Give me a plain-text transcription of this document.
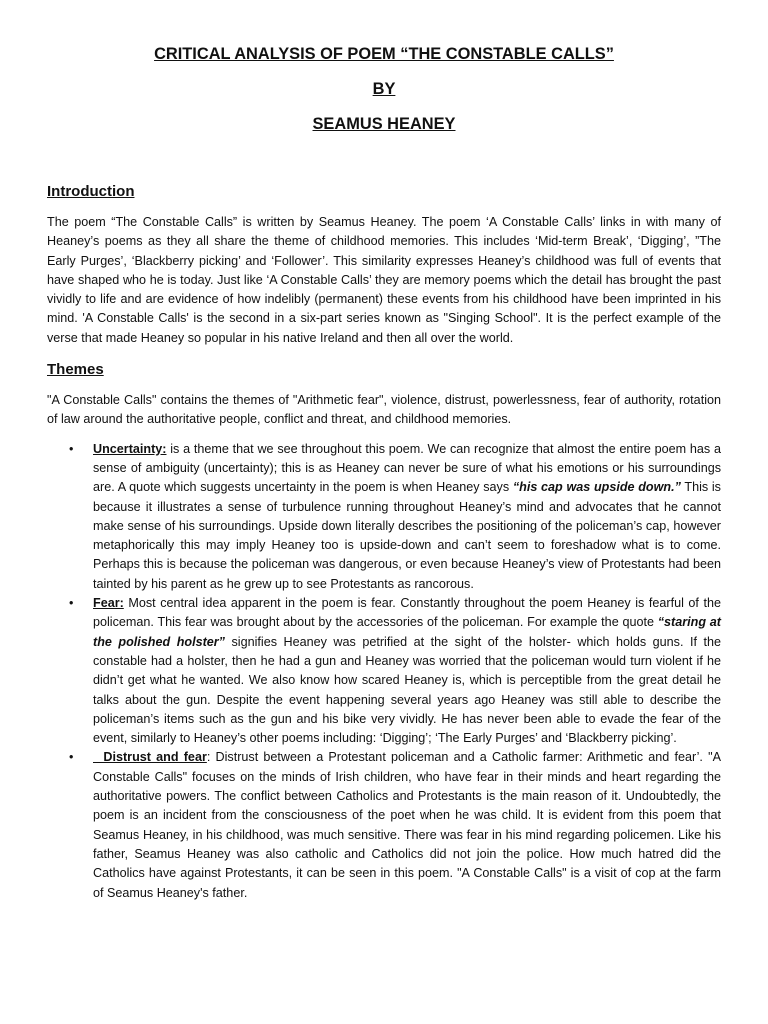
CRITICAL ANALYSIS OF POEM “THE CONSTABLE CALLS”

BY

SEAMUS HEANEY

Introduction

The poem “The Constable Calls” is written by Seamus Heaney. The poem ‘A Constable Calls’ links in with many of Heaney’s poems as they all share the theme of childhood memories. This includes ‘Mid-term Break’, ‘Digging’, ”The Early Purges’, ‘Blackberry picking’ and ‘Follower’. This similarity expresses Heaney’s childhood was full of events that have shaped who he is today. Just like ‘A Constable Calls’ they are memory poems which the detail has brought the past vividly to life and are evidence of how indelibly (permanent) these events from his childhood have been imprinted in his mind. 'A Constable Calls' is the second in a six-part series known as "Singing School". It is the perfect example of the verse that made Heaney so popular in his native Ireland and then all over the world.

Themes

"A Constable Calls" contains the themes of "Arithmetic fear", violence, distrust, powerlessness, fear of authority, rotation of law around the authoritative people, conflict and threat, and childhood memories.

• Uncertainty: is a theme that we see throughout this poem. We can recognize that almost the entire poem has a sense of ambiguity (uncertainty); this is as Heaney can never be sure of what his emotions or his surroundings are. A quote which suggests uncertainty in the poem is when Heaney says “his cap was upside down.” This is because it illustrates a sense of turbulence running throughout Heaney’s mind and advocates that he cannot make sense of his surroundings. Upside down literally describes the positioning of the policeman’s cap, however metaphorically this may imply Heaney too is upside-down and can’t seem to foreshadow what is to come. Perhaps this is because the policeman was dangerous, or even because Heaney’s view of Protestants had been tainted by his parent as he grew up to see Protestants as rancorous.
• Fear: Most central idea apparent in the poem is fear. Constantly throughout the poem Heaney is fearful of the policeman. This fear was brought about by the accessories of the policeman. For example the quote “staring at the polished holster” signifies Heaney was petrified at the sight of the holster- which holds guns. If the constable had a holster, then he had a gun and Heaney was worried that the policeman would turn violent if he didn’t get what he wanted. We also know how scared Heaney is, which is perceptible from the great detail he talks about the gun. Despite the event happening several years ago Heaney was still able to describe the policeman’s items such as the gun and his bike very vividly. He has never been able to evade the fear of the event, similarly to Heaney’s other poems including: ‘Digging’; ‘The Early Purges’ and ‘Blackberry picking’.
• Distrust and fear: Distrust between a Protestant policeman and a Catholic farmer: Arithmetic and fear’. "A Constable Calls" focuses on the minds of Irish children, who have fear in their minds and heart regarding the authoritative powers. The conflict between Catholics and Protestants is the main reason of it. Undoubtedly, the poem is an incident from the consciousness of the poet when he was child. It is evident from this poem that Seamus Heaney, in his childhood, was much sensitive. There was fear in his mind regarding policemen. Like his father, Seamus Heaney was also catholic and Catholics did not join the police. How much hatred did the Catholics have against Protestants, it can be seen in this poem. "A Constable Calls" is a visit of cop at the farm of Seamus Heaney's father.
